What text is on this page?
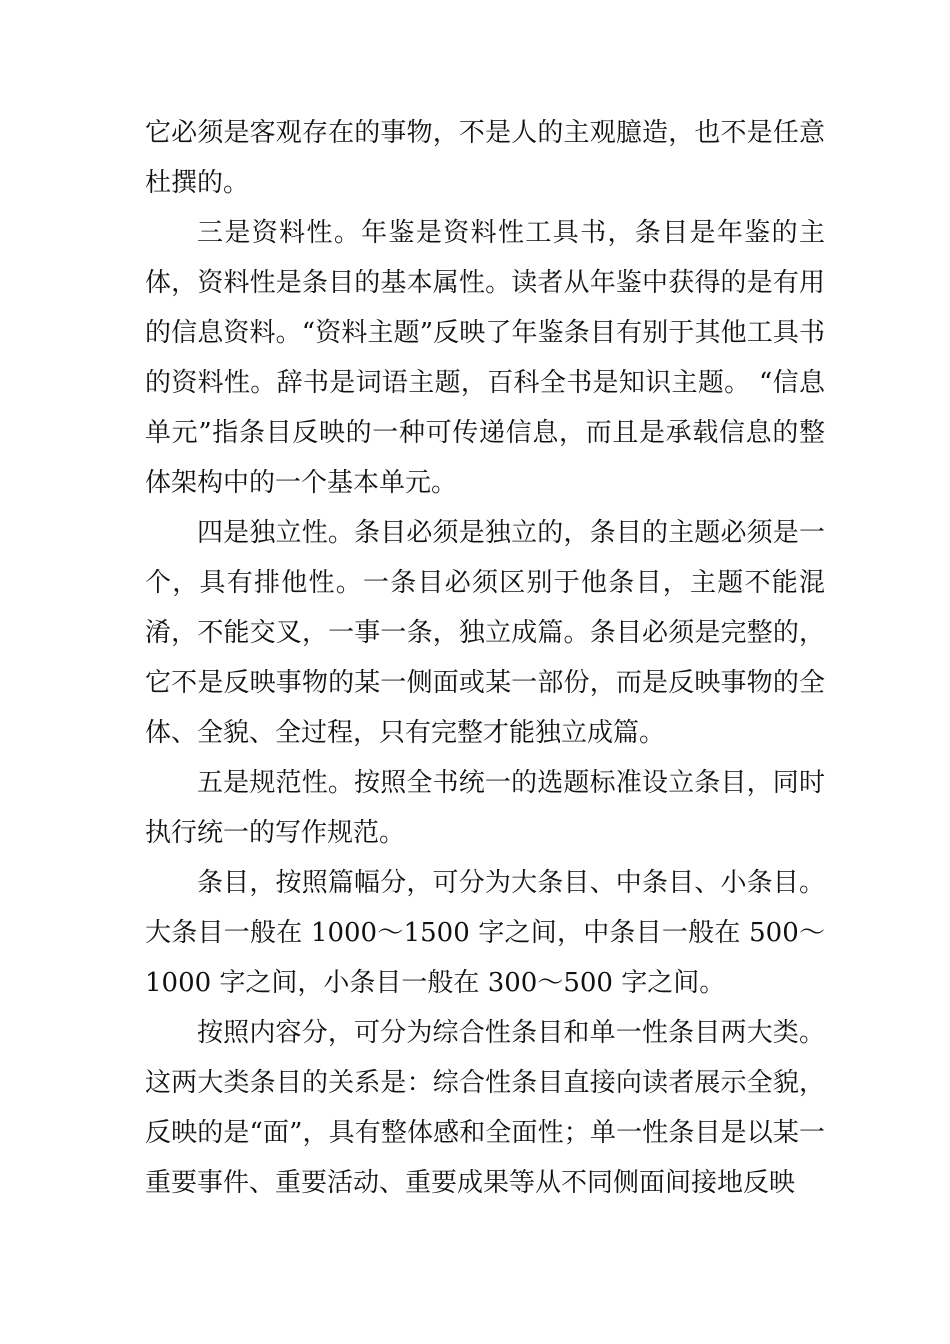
它必须是客观存在的事物，不是人的主观臆造，也不是任意杜撰的。

三是资料性。年鉴是资料性工具书，条目是年鉴的主体，资料性是条目的基本属性。读者从年鉴中获得的是有用的信息资料。“资料主题”反映了年鉴条目有别于其他工具书的资料性。辞书是词语主题，百科全书是知识主题。 “信息单元”指条目反映的一种可传递信息，而且是承载信息的整体架构中的一个基本单元。

四是独立性。条目必须是独立的，条目的主题必须是一个，具有排他性。一条目必须区别于他条目，主题不能混淆，不能交叉，一事一条，独立成篇。条目必须是完整的，它不是反映事物的某一侧面或某一部份，而是反映事物的全体、全貌、全过程，只有完整才能独立成篇。

五是规范性。按照全书统一的选题标准设立条目，同时执行统一的写作规范。

条目，按照篇幅分，可分为大条目、中条目、小条目。大条目一般在 1000～1500 字之间，中条目一般在 500～1000 字之间，小条目一般在 300～500 字之间。

按照内容分，可分为综合性条目和单一性条目两大类。这两大类条目的关系是：综合性条目直接向读者展示全貌，反映的是“面”，具有整体感和全面性；单一性条目是以某一重要事件、重要活动、重要成果等从不同侧面间接地反映
